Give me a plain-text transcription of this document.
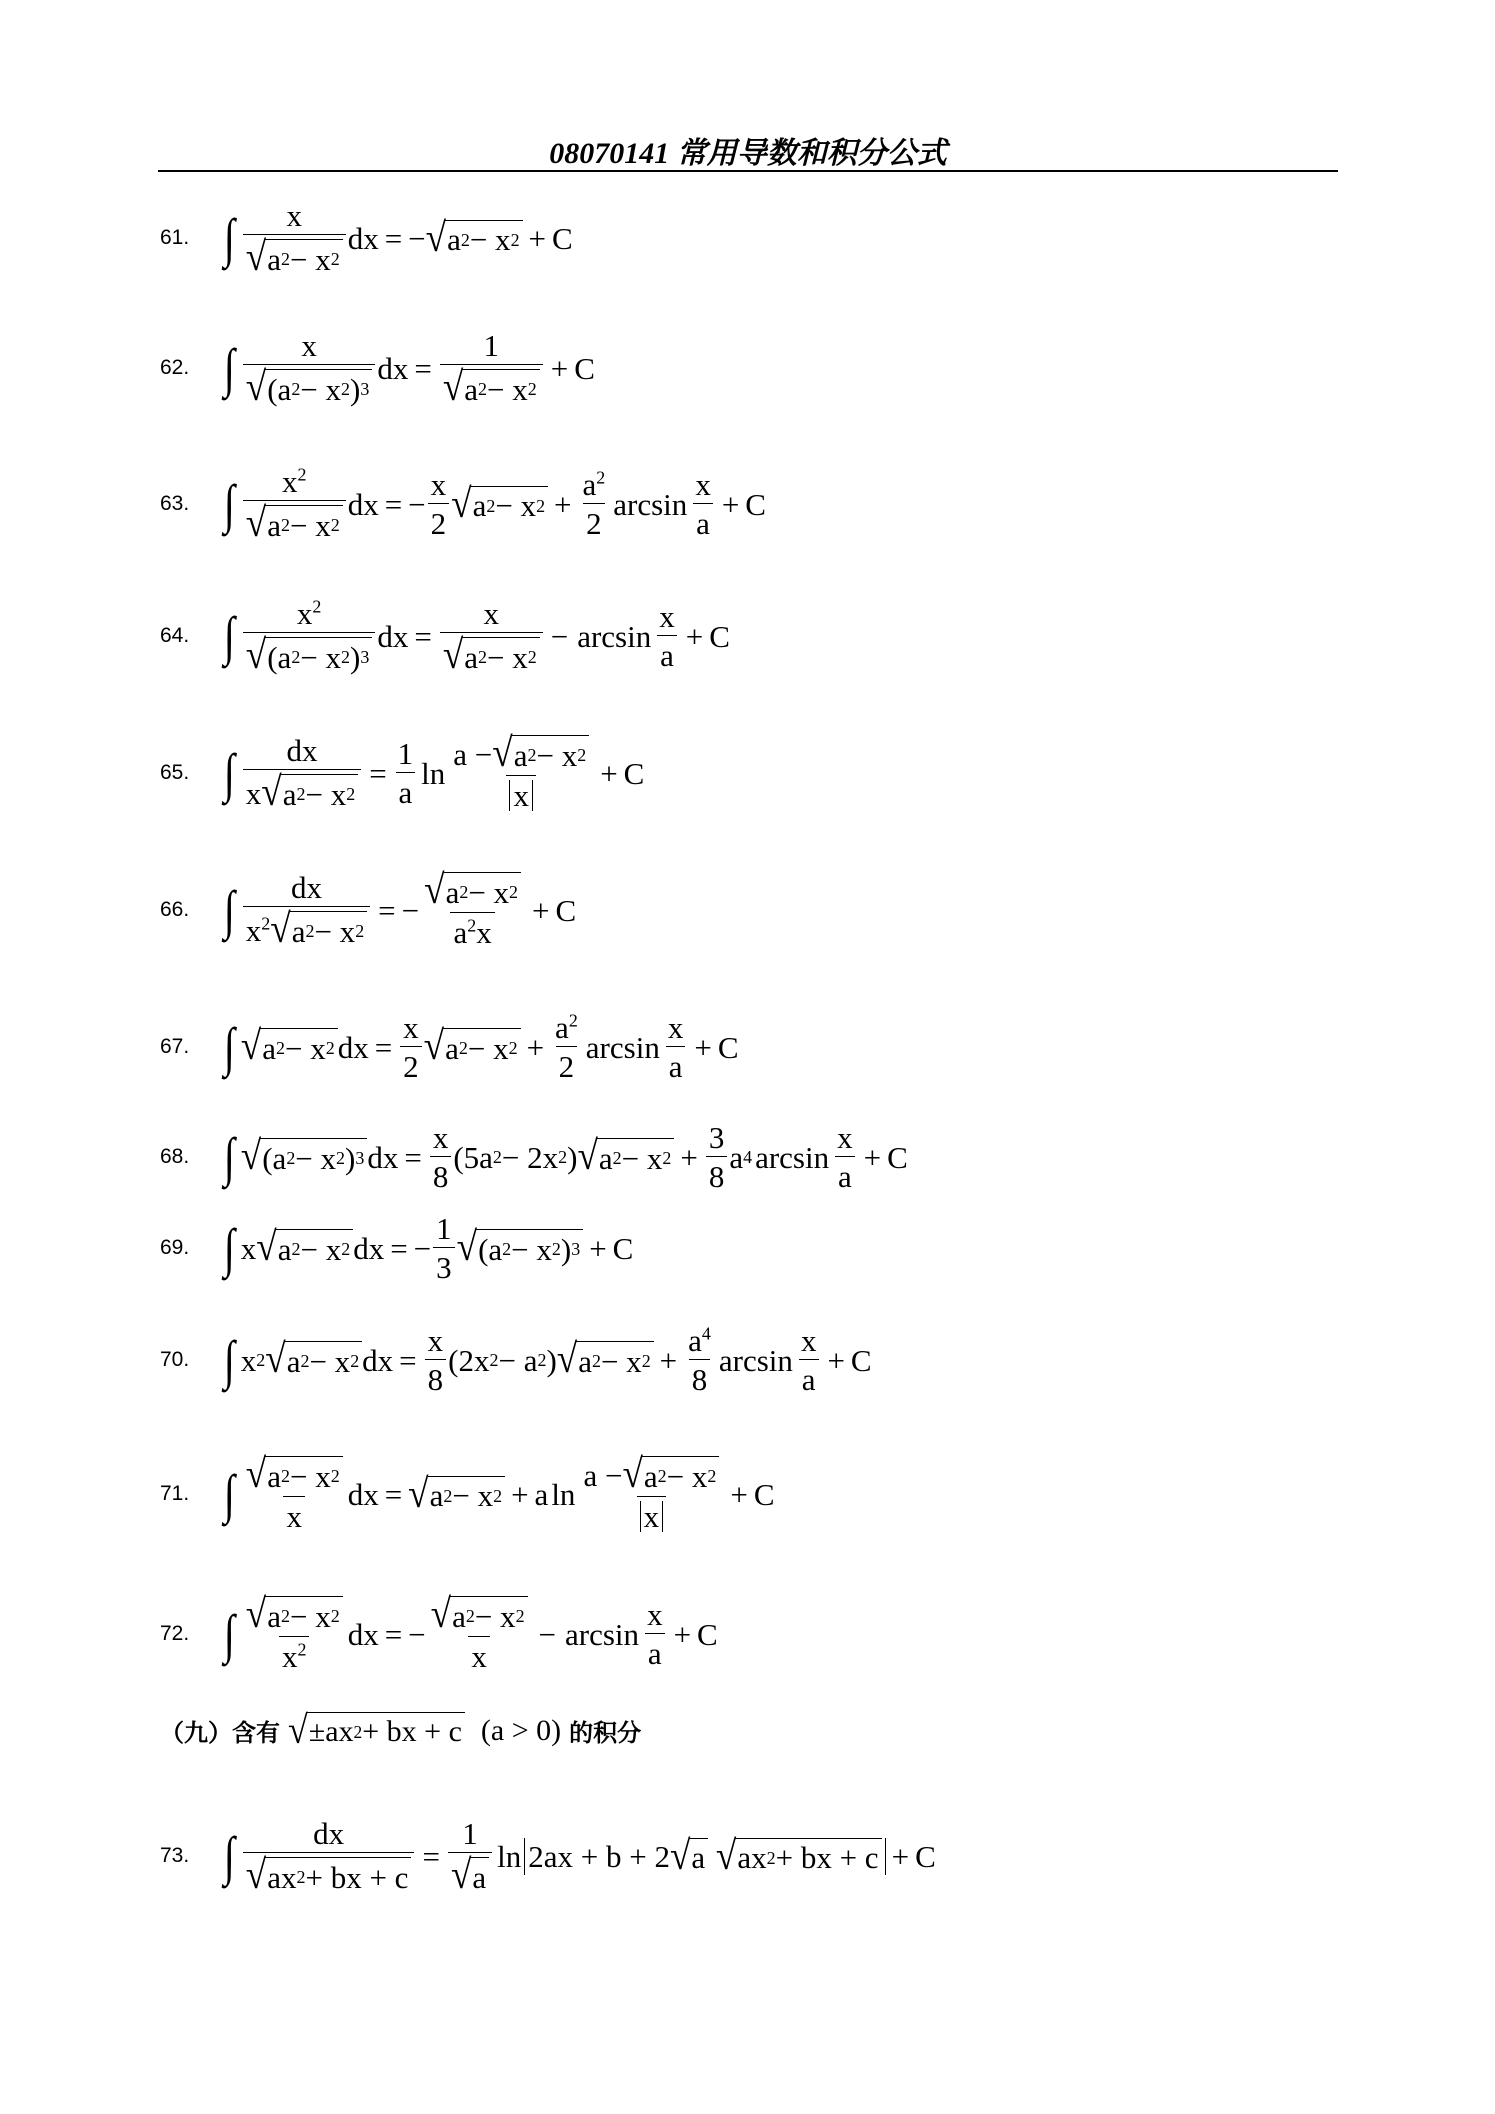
08070141 常用导数和积分公式
61. ∫ $\frac{x}{√ a 2 - x 2}$ dx = − √ a 2 − x 2 + C
62. ∫ $\frac{x}{√ (a 2 - x 2 ) 3}$ dx = $\frac{1}{√ a 2 - x 2} + C$
63. ∫ $\frac{x^2}{√ a 2 - x 2}$ dx = − $\frac{x}{2}$ √ a 2 − x $2 + \frac{a^2}{2}$ $\arcsin \frac{x}{a} + C$
64. ∫ $\frac{x^2}{√ (a 2 - x 2 ) 3}$ dx = $\frac{x}{√ a 2 - x 2} - \arcsin \frac{x}{a} + C$
65. ∫ $\frac{dx}{x √ a 2 - x 2} = \frac{1}{a}$ $\ln \frac{a - √ a 2 - x 2}{x} + C$
66. ∫ $\frac{dx}{x^2 √ a 2 - x 2}$ = − $\frac{√ a 2 - x 2}{a^2x} + C$
67. ∫ √ a 2 − x 2 dx = $\frac{x}{2}$ √ a 2 − x $2 + \frac{a^2}{2}$ $\arcsin \frac{x}{a} + C$
68. ∫ √ (a 2 − x 2 ) 3 dx = $\frac{x}{8} (5a$ 2 − 2x 2 ) √ a 2 − x $2 + \frac{3}{8}$ a 4 $\arcsin \frac{x}{a} + C$
69. ∫ x √ a 2 − x 2 dx = − $\frac{1}{3}$ √ (a 2 − x 2 ) 3 + C
70. ∫ x 2 √ a 2 − x 2 dx = $\frac{x}{8} (2x$ 2 − a 2 ) √ a 2 − x $2 + \frac{a^4}{8}$ $\arcsin \frac{x}{a} + C$
71. ∫ $\frac{√ a 2 - x 2}{x}$ dx = √ a 2 − x 2 + a $\ln \frac{a - √ a 2 - x 2}{x} + C$
72. ∫ $\frac{√ a 2 - x 2}{x^2}$ dx = − $\frac{√ a 2 - x 2}{x} - \arcsin \frac{x}{a} + C$
（九）含有 √ ±ax 2 + bx + c (a > 0) 的积分
73. ∫ $\frac{dx}{√ ax 2 + bx + c} = \frac{1}{√ a}$ ln 2ax + b + 2 √ a
√ ax 2 + bx + c + C
